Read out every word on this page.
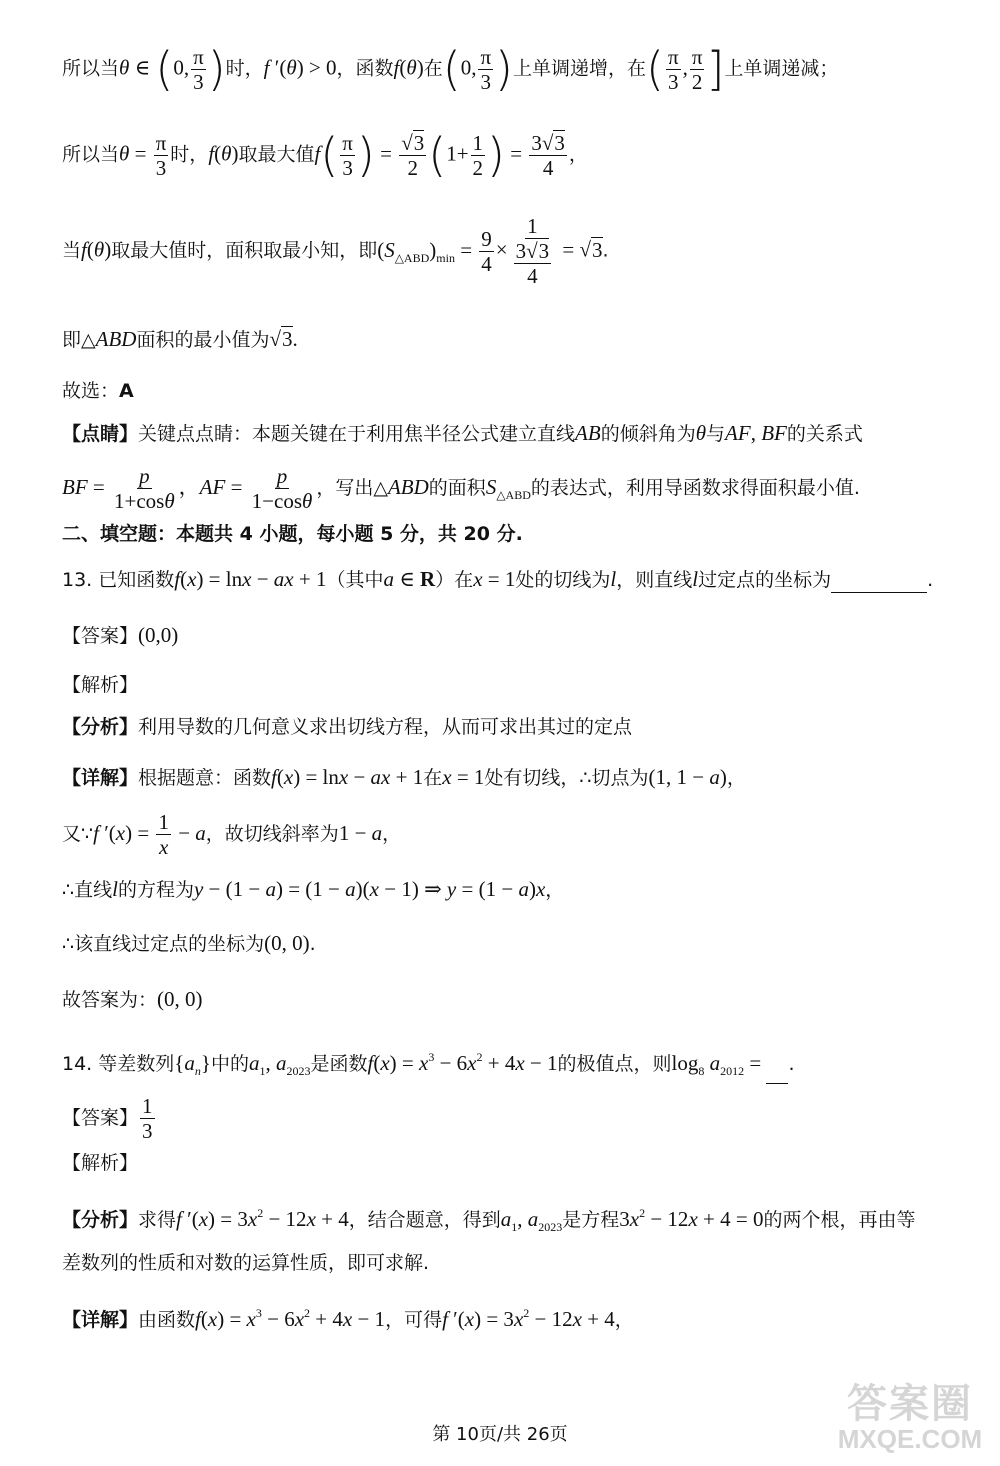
所以当θ ∈ (0, $\frac{\pi}{3}$ )时，f ′(θ) > 0，函数f(θ)在(0, $\frac{\pi}{3}$ )上单调递增，在( $\frac{\pi}{3}$ , $\frac{\pi}{2}$ ]上单调递减；
所以当$\theta = \frac{\pi}{3}$ 时，f(θ)取最大值$f( \frac{\pi}{3}$ ) = $\frac{√3}{2} (1+ \frac{1}{2}$ ) = $\frac{3√3}{4}$ ，
当f(θ)取最大值时，面积取最小知，即$(S_{\triangle ABD})_{min} = \frac{9}{4} \times \frac{1}{\frac{3√3}{4}} = √3$.
即△ABD面积的最小值为√3.
故选：A
【点睛】关键点点睛：本题关键在于利用焦半径公式建立直线AB的倾斜角为θ与AF, BF的关系式
BF = $\frac{p}{1+\cos\theta}$ ，AF = $\frac{p}{1-\cos\theta}$ ，写出△ABD的面积$S_{\triangle ABD}$的表达式，利用导函数求得面积最小值.
二、填空题：本题共 4 小题，每小题 5 分，共 20 分.
13. 已知函数f(x) = lnx − ax + 1（其中a ∈ R）在x = 1处的切线为l，则直线l过定点的坐标为	.
【答案】(0,0)
【解析】
【分析】利用导数的几何意义求出切线方程，从而可求出其过的定点
【详解】根据题意：函数f(x) = lnx − ax + 1在x = 1处有切线，∴切点为(1, 1 − a)，
又∵f $'(x) = \frac{1}{x} - a$，故切线斜率为1 − a，
∴直线l的方程为y − (1 − a) = (1 − a)(x − 1) ⇒ y = (1 − a)x，
∴该直线过定点的坐标为(0, 0).
故答案为：(0, 0)
14. 等差数列$\{a_n\}$中的$a_1$, $a_{2023}$是函数$f(x) = x^3 - 6x^2 + 4x - 1$的极值点，则$\log_8 a_{2012}$ = .
【答案】 $\frac{1}{3}$
【解析】
【分析】求得f $'(x) = 3x^2 - 12x + 4$，结合题意，得到$a_1$, $a_{2023}$是方程$3x^2 - 12x + 4 = 0$的两个根，再由等
差数列的性质和对数的运算性质，即可求解.
【详解】由函数$f(x) = x^3 - 6x^2 + 4x - 1$，可得f $'(x) = 3x^2 - 12x + 4$，
答案圈
MXQE.COM
第 10页/共 26页
